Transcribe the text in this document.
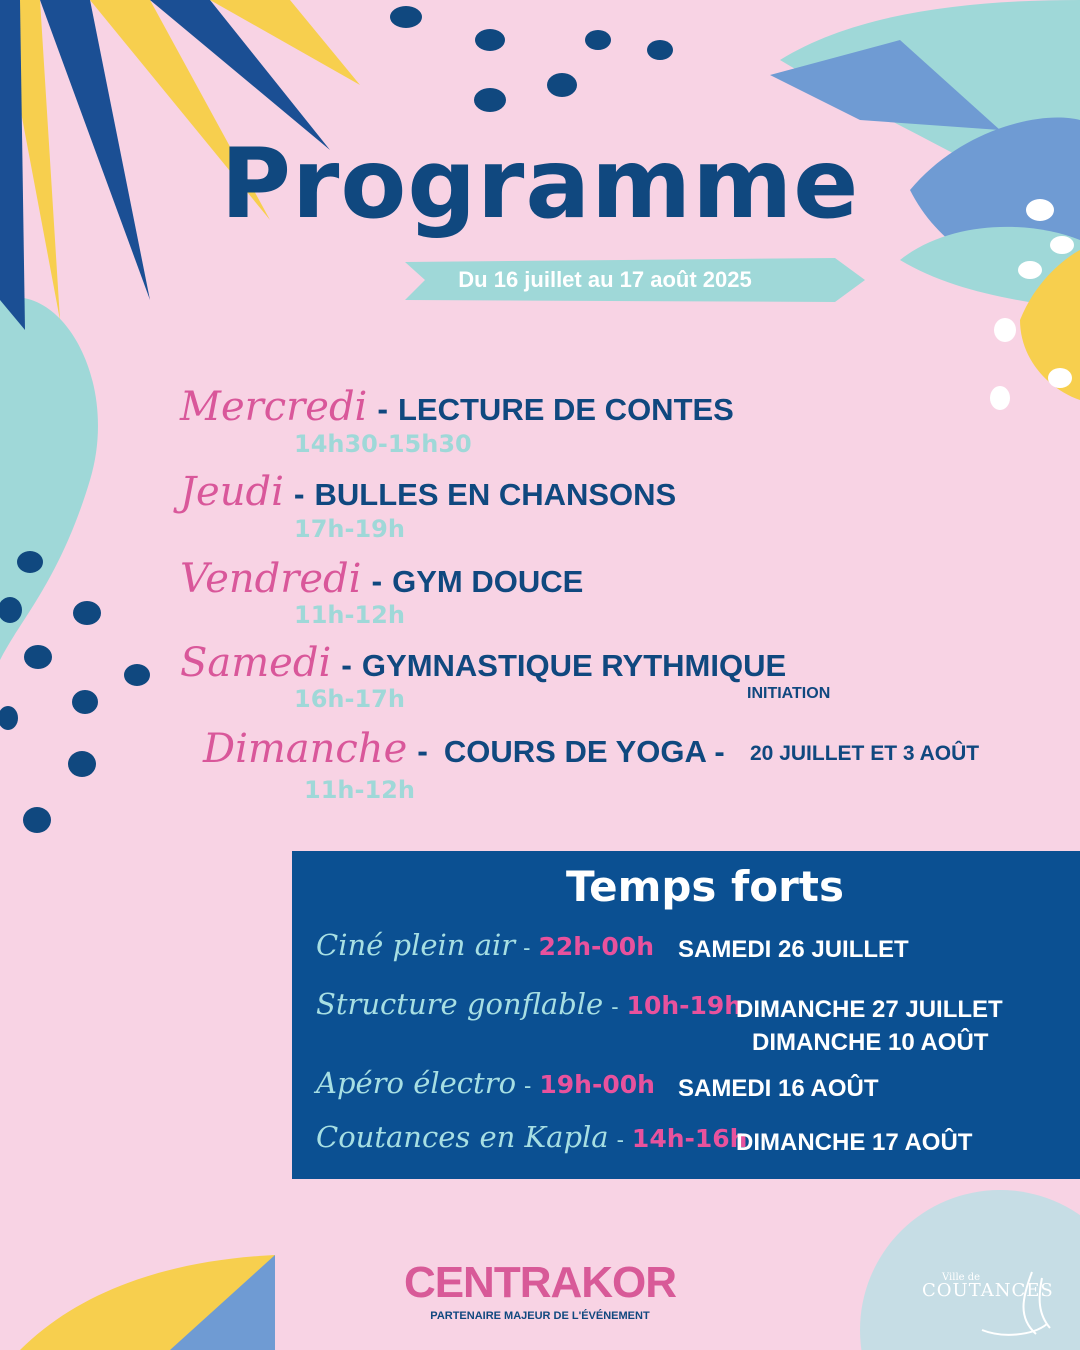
Programme
Du 16 juillet au 17 août 2025
Mercredi - LECTURE DE CONTES
14h30-15h30
Jeudi - BULLES EN CHANSONS
17h-19h
Vendredi - GYM DOUCE
11h-12h
Samedi - GYMNASTIQUE RYTHMIQUE
INITIATION
16h-17h
Dimanche - COURS DE YOGA - 20 JUILLET ET 3 AOÛT
11h-12h
Temps forts
Ciné plein air - 22h-00h SAMEDI 26 JUILLET
Structure gonflable - 10h-19h
DIMANCHE 27 JUILLET
DIMANCHE 10 AOÛT
Apéro électro - 19h-00h SAMEDI 16 AOÛT
Coutances en Kapla - 14h-16h
DIMANCHE 17 AOÛT
CENTRAKOR
PARTENAIRE MAJEUR DE L'ÉVÉNEMENT
Ville de
COUTANCES
